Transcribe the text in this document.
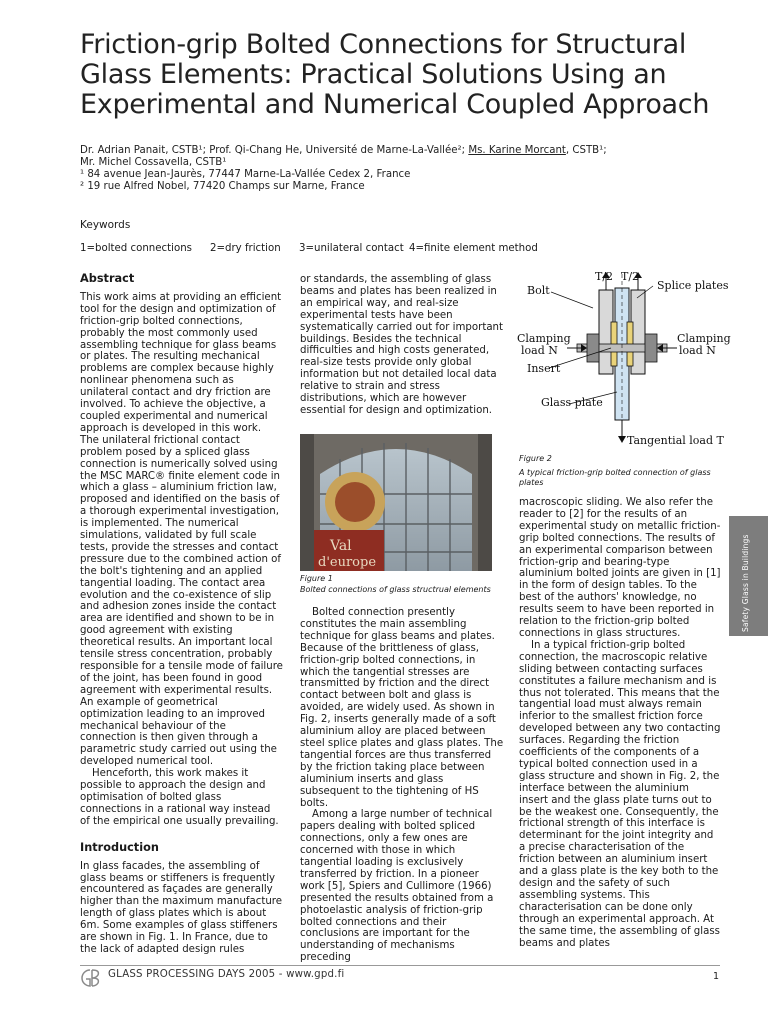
Friction-grip Bolted Connections for Structural Glass Elements: Practical Solutions Using an Experimental and Numerical Coupled Approach
Dr. Adrian Panait, CSTB¹; Prof. Qi-Chang He, Université de Marne-La-Vallée²; Ms. Karine Morcant, CSTB¹;
Mr. Michel Cossavella, CSTB¹
¹ 84 avenue Jean-Jaurès, 77447 Marne-La-Vallée Cedex 2, France
² 19 rue Alfred Nobel, 77420 Champs sur Marne, France
Keywords
1=bolted connections 2=dry friction 3=unilateral contact 4=finite element method
Abstract

This work aims at providing an efficient tool for the design and optimization of friction-grip bolted connections, probably the most commonly used assembling technique for glass beams or plates. The resulting mechanical problems are complex because highly nonlinear phenomena such as unilateral contact and dry friction are involved. To achieve the objective, a coupled experimental and numerical approach is developed in this work. The unilateral frictional contact problem posed by a spliced glass connection is numerically solved using the MSC MARC® finite element code in which a glass – aluminium friction law, proposed and identified on the basis of a thorough experimental investigation, is implemented. The numerical simulations, validated by full scale tests, provide the stresses and contact pressure due to the combined action of the bolt's tightening and an applied tangential loading. The contact area evolution and the co-existence of slip and adhesion zones inside the contact area are identified and shown to be in good agreement with existing theoretical results. An important local tensile stress concentration, probably responsible for a tensile mode of failure of the joint, has been found in good agreement with experimental results. An example of geometrical optimization leading to an improved mechanical behaviour of the connection is then given through a parametric study carried out using the developed numerical tool.

Henceforth, this work makes it possible to approach the design and optimisation of bolted glass connections in a rational way instead of the empirical one usually prevailing.

Introduction

In glass facades, the assembling of glass beams or stiffeners is frequently encountered as façades are generally higher than the maximum manufacture length of glass plates which is about 6m. Some examples of glass stiffeners are shown in Fig. 1. In France, due to the lack of adapted design rules

or standards, the assembling of glass beams and plates has been realized in an empirical way, and real-size experimental tests have been systematically carried out for important buildings. Besides the technical difficulties and high costs generated, real-size tests provide only global information but not detailed local data relative to strain and stress distributions, which are however essential for design and optimization.

Val
d'europe
Figure 1
Bolted connections of glass structrual elements

Bolted connection presently constitutes the main assembling technique for glass beams and plates. Because of the brittleness of glass, friction-grip bolted connections, in which the tangential stresses are transmitted by friction and the direct contact between bolt and glass is avoided, are widely used. As shown in Fig. 2, inserts generally made of a soft aluminium alloy are placed between steel splice plates and glass plates. The tangential forces are thus transferred by the friction taking place between aluminium inserts and glass subsequent to the tightening of HS bolts.

Among a large number of technical papers dealing with bolted spliced connections, only a few ones are concerned with those in which tangential loading is exclusively transferred by friction. In a pioneer work [5], Spiers and Cullimore (1966) presented the results obtained from a photoelastic analysis of friction-grip bolted connections and their conclusions are important for the understanding of mechanisms preceding

T/2 T/2
Bolt	Splice plates
Clamping
load N
Clamping
load N
Insert
Glass plate
Tangential load T
Figure 2
A typical friction-grip bolted connection of glass plates

macroscopic sliding. We also refer the reader to [2] for the results of an experimental study on metallic friction-grip bolted connections. The results of an experimental comparison between friction-grip and bearing-type aluminium bolted joints are given in [1] in the form of design tables. To the best of the authors' knowledge, no results seem to have been reported in relation to the friction-grip bolted connections in glass structures.

In a typical friction-grip bolted connection, the macroscopic relative sliding between contacting surfaces constitutes a failure mechanism and is thus not tolerated. This means that the tangential load must always remain inferior to the smallest friction force developed between any two contacting surfaces. Regarding the friction coefficients of the components of a typical bolted connection used in a glass structure and shown in Fig. 2, the interface between the aluminium insert and the glass plate turns out to be the weakest one. Consequently, the frictional strength of this interface is determinant for the joint integrity and a precise characterisation of the friction between an aluminium insert and a glass plate is the key both to the design and the safety of such assembling systems. This characterisation can be done only through an experimental approach. At the same time, the assembling of glass beams and plates

Safety Glass in Buildings
GLASS PROCESSING DAYS 2005 - www.gpd.fi	1
